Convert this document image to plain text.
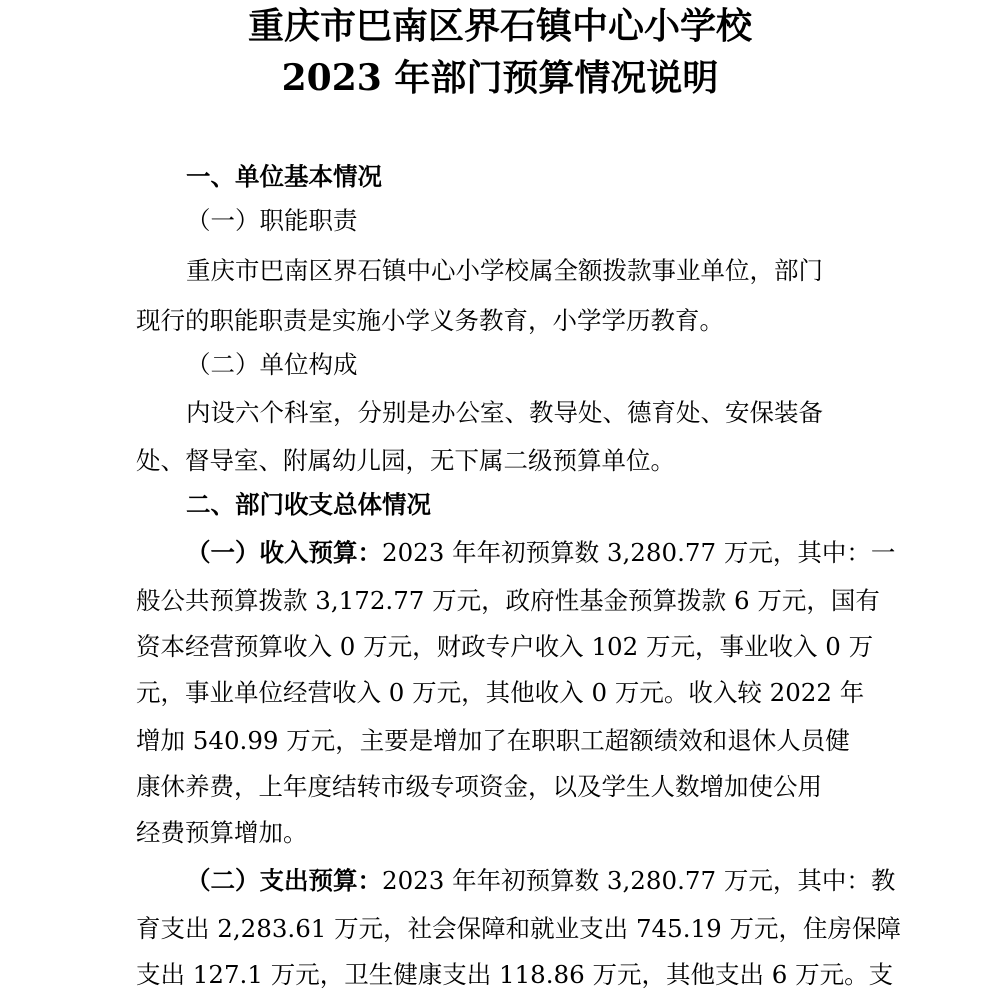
重庆市巴南区界石镇中心小学校
2023 年部门预算情况说明
一、单位基本情况
（一）职能职责
重庆市巴南区界石镇中心小学校属全额拨款事业单位，部门
现行的职能职责是实施小学义务教育，小学学历教育。
（二）单位构成
内设六个科室，分别是办公室、教导处、德育处、安保装备
处、督导室、附属幼儿园，无下属二级预算单位。
二、部门收支总体情况
（一）收入预算：2023 年年初预算数 3,280.77 万元，其中：一
般公共预算拨款 3,172.77 万元，政府性基金预算拨款 6 万元，国有
资本经营预算收入 0 万元，财政专户收入 102 万元，事业收入 0 万
元，事业单位经营收入 0 万元，其他收入 0 万元。收入较 2022 年
增加 540.99 万元，主要是增加了在职职工超额绩效和退休人员健
康休养费，上年度结转市级专项资金，以及学生人数增加使公用
经费预算增加。
（二）支出预算：2023 年年初预算数 3,280.77 万元，其中：教
育支出 2,283.61 万元，社会保障和就业支出 745.19 万元，住房保障
支出 127.1 万元，卫生健康支出 118.86 万元，其他支出 6 万元。支
